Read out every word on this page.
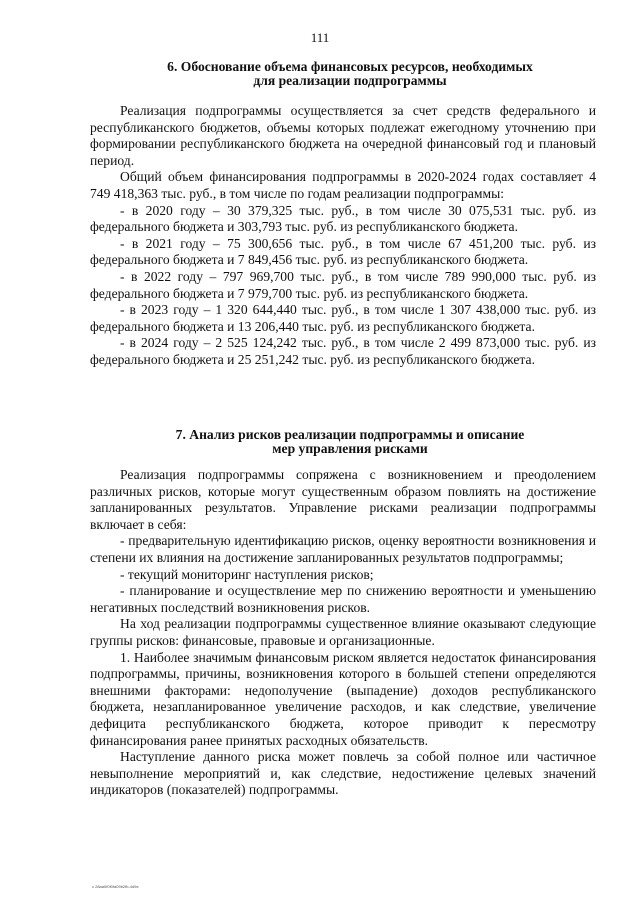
111
6. Обоснование объема финансовых ресурсов, необходимых
для реализации подпрограммы

Реализация подпрограммы осуществляется за счет средств федерального и республиканского бюджетов, объемы которых подлежат ежегодному уточнению при формировании республиканского бюджета на очередной финансовый год и плановый период.

Общий объем финансирования подпрограммы в 2020-2024 годах составляет 4 749 418,363 тыс. руб., в том числе по годам реализации подпрограммы:

- в 2020 году – 30 379,325 тыс. руб., в том числе 30 075,531 тыс. руб. из федерального бюджета и 303,793 тыс. руб. из республиканского бюджета.

- в 2021 году – 75 300,656 тыс. руб., в том числе 67 451,200 тыс. руб. из федерального бюджета и 7 849,456 тыс. руб. из республиканского бюджета.

- в 2022 году – 797 969,700 тыс. руб., в том числе 789 990,000 тыс. руб. из федерального бюджета и 7 979,700 тыс. руб. из республиканского бюджета.

- в 2023 году – 1 320 644,440 тыс. руб., в том числе 1 307 438,000 тыс. руб. из федерального бюджета и 13 206,440 тыс. руб. из республиканского бюджета.

- в 2024 году – 2 525 124,242 тыс. руб., в том числе 2 499 873,000 тыс. руб. из федерального бюджета и 25 251,242 тыс. руб. из республиканского бюджета.

7. Анализ рисков реализации подпрограммы и описание
мер управления рисками

Реализация подпрограммы сопряжена с возникновением и преодолением различных рисков, которые могут существенным образом повлиять на достижение запланированных результатов. Управление рисками реализации подпрограммы включает в себя:

- предварительную идентификацию рисков, оценку вероятности возникновения и степени их влияния на достижение запланированных результатов подпрограммы;

- текущий мониторинг наступления рисков;

- планирование и осуществление мер по снижению вероятности и уменьшению негативных последствий возникновения рисков.

На ход реализации подпрограммы существенное влияние оказывают следующие группы рисков: финансовые, правовые и организационные.

1. Наиболее значимым финансовым риском является недостаток финансирования подпрограммы, причины, возникновения которого в большей степени определяются внешними факторами: недополучение (выпадение) доходов республиканского бюджета, незапланированное увеличение расходов, и как следствие, увеличение дефицита республиканского бюджета, которое приводит к пересмотру финансирования ранее принятых расходных обязательств.

Наступление данного риска может повлечь за собой полное или частичное невыполнение мероприятий и, как следствие, недостижение целевых значений индикаторов (показателей) подпрограммы.

с 28aa0f0f0fa09b2fb-4d5e
